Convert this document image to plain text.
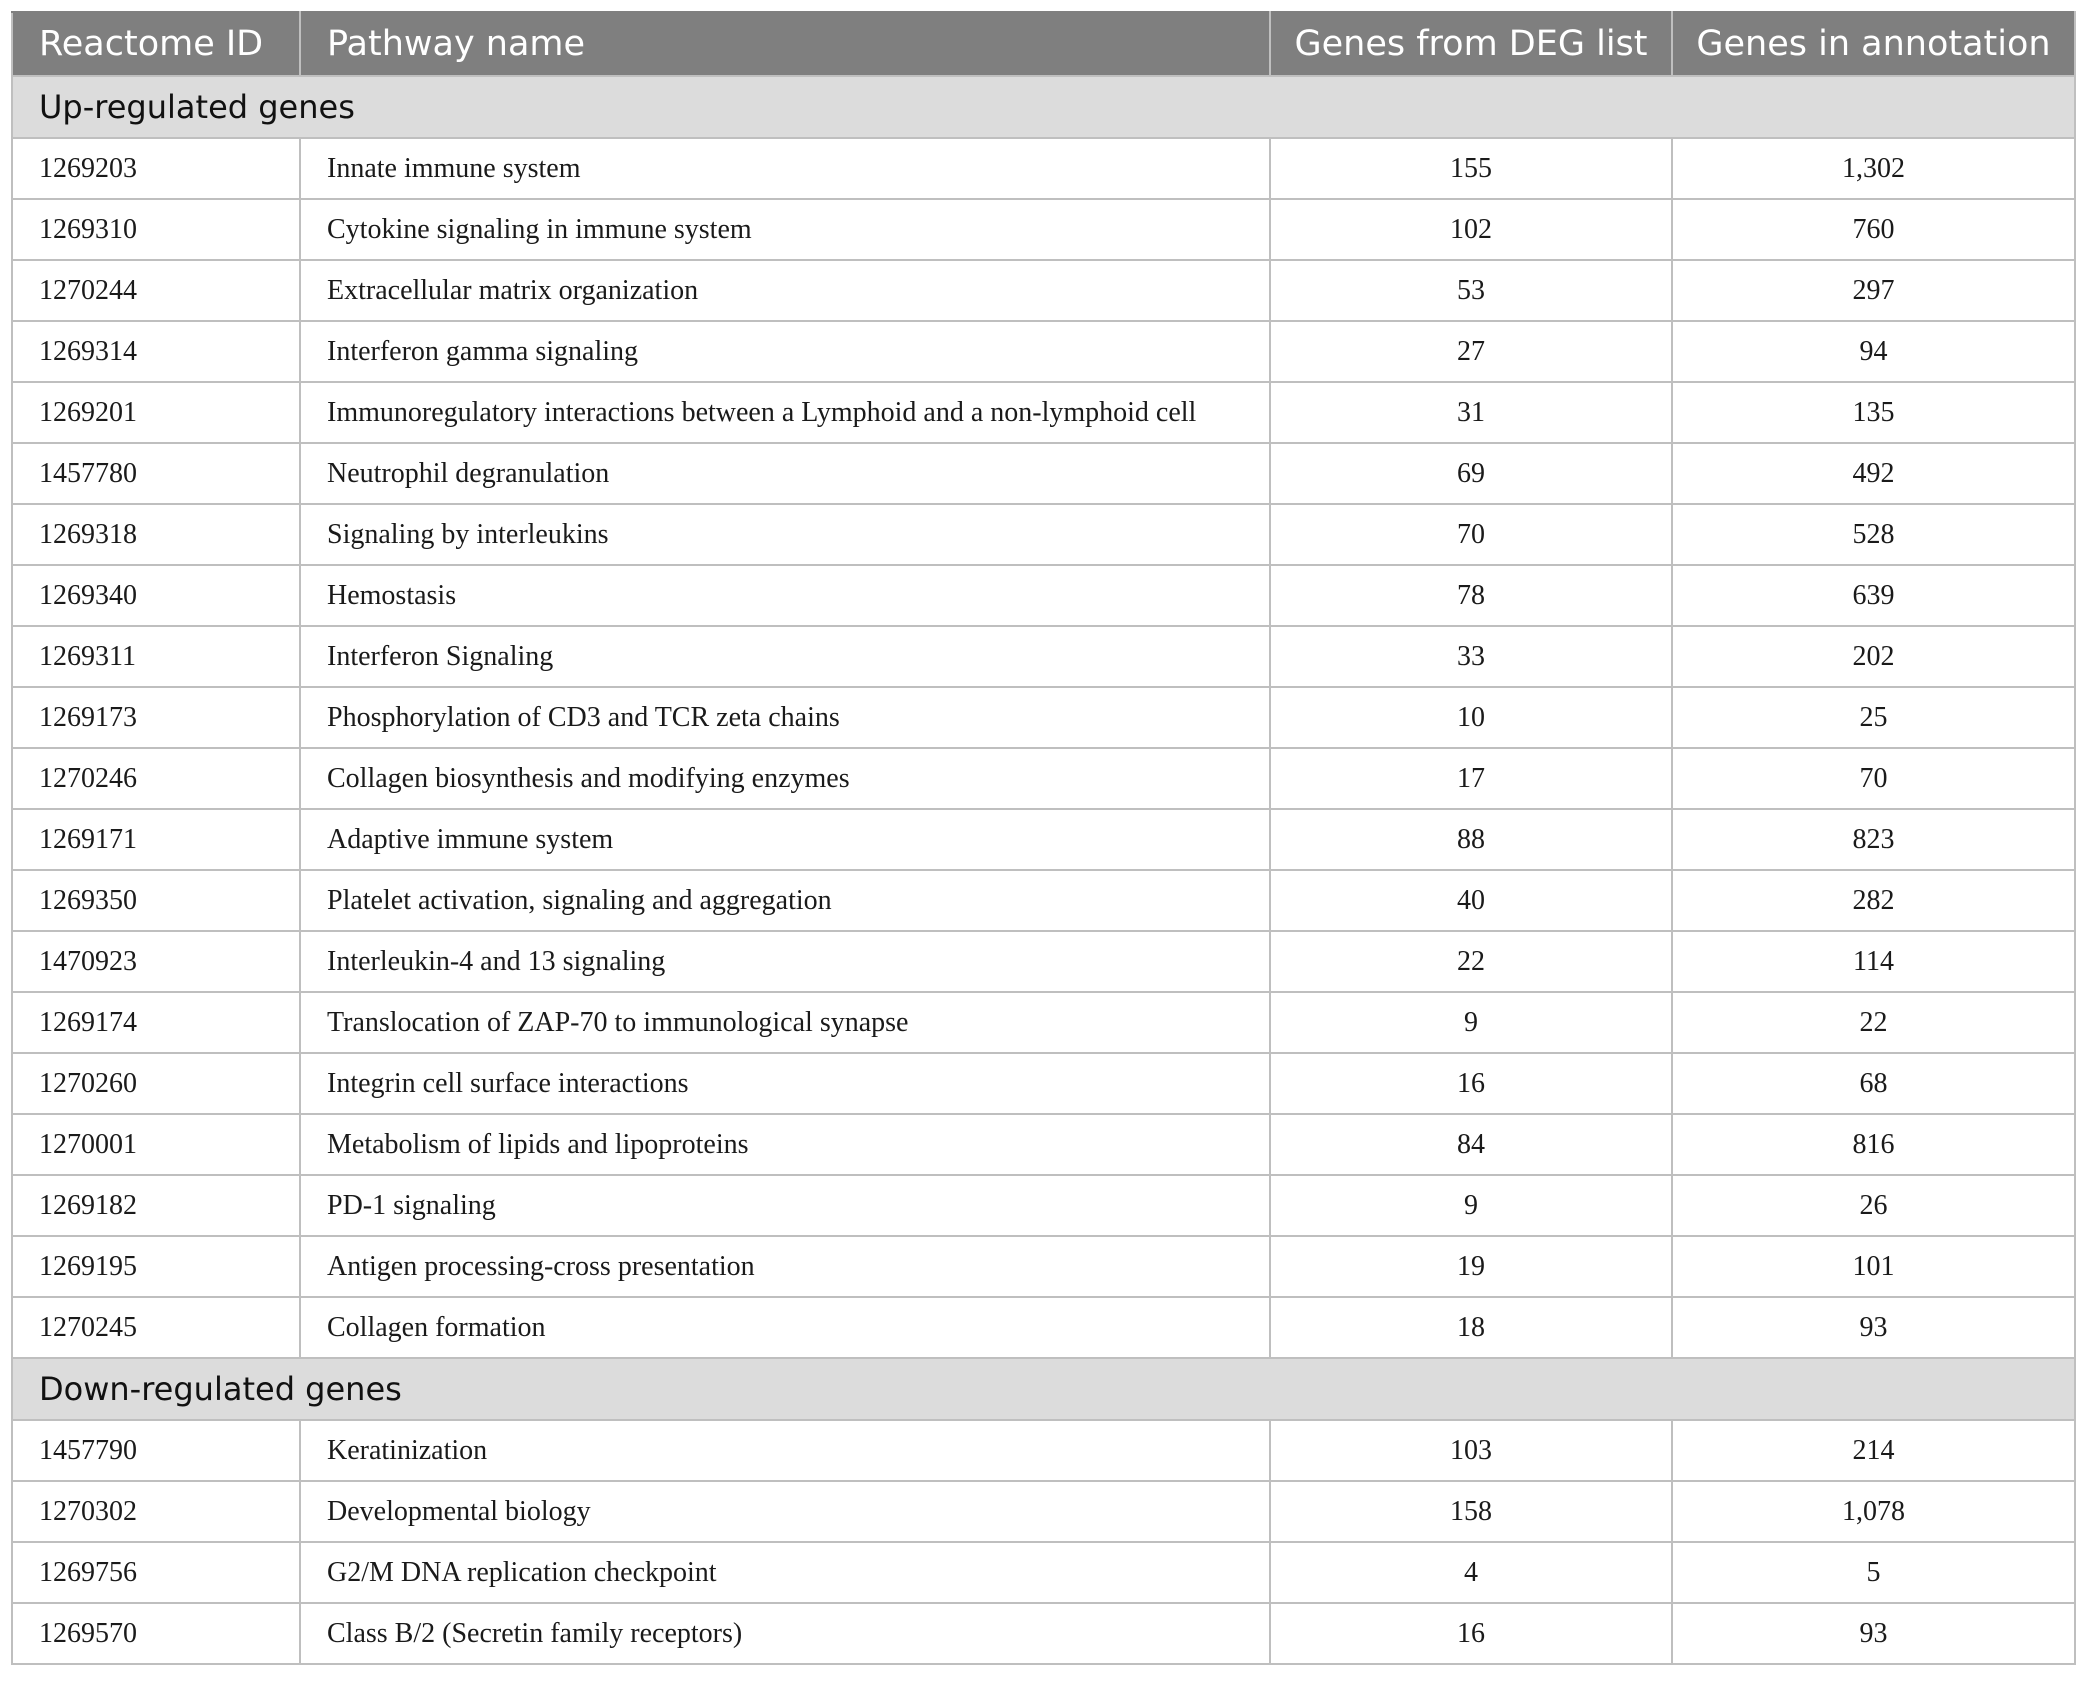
Reactome ID	Pathway name	Genes from DEG list	Genes in annotation
Up-regulated genes			
1269203	Innate immune system	155	1,302
1269310	Cytokine signaling in immune system	102	760
1270244	Extracellular matrix organization	53	297
1269314	Interferon gamma signaling	27	94
1269201	Immunoregulatory interactions between a Lymphoid and a non-lymphoid cell	31	135
1457780	Neutrophil degranulation	69	492
1269318	Signaling by interleukins	70	528
1269340	Hemostasis	78	639
1269311	Interferon Signaling	33	202
1269173	Phosphorylation of CD3 and TCR zeta chains	10	25
1270246	Collagen biosynthesis and modifying enzymes	17	70
1269171	Adaptive immune system	88	823
1269350	Platelet activation, signaling and aggregation	40	282
1470923	Interleukin-4 and 13 signaling	22	114
1269174	Translocation of ZAP-70 to immunological synapse	9	22
1270260	Integrin cell surface interactions	16	68
1270001	Metabolism of lipids and lipoproteins	84	816
1269182	PD-1 signaling	9	26
1269195	Antigen processing-cross presentation	19	101
1270245	Collagen formation	18	93
Down-regulated genes			
1457790	Keratinization	103	214
1270302	Developmental biology	158	1,078
1269756	G2/M DNA replication checkpoint	4	5
1269570	Class B/2 (Secretin family receptors)	16	93
